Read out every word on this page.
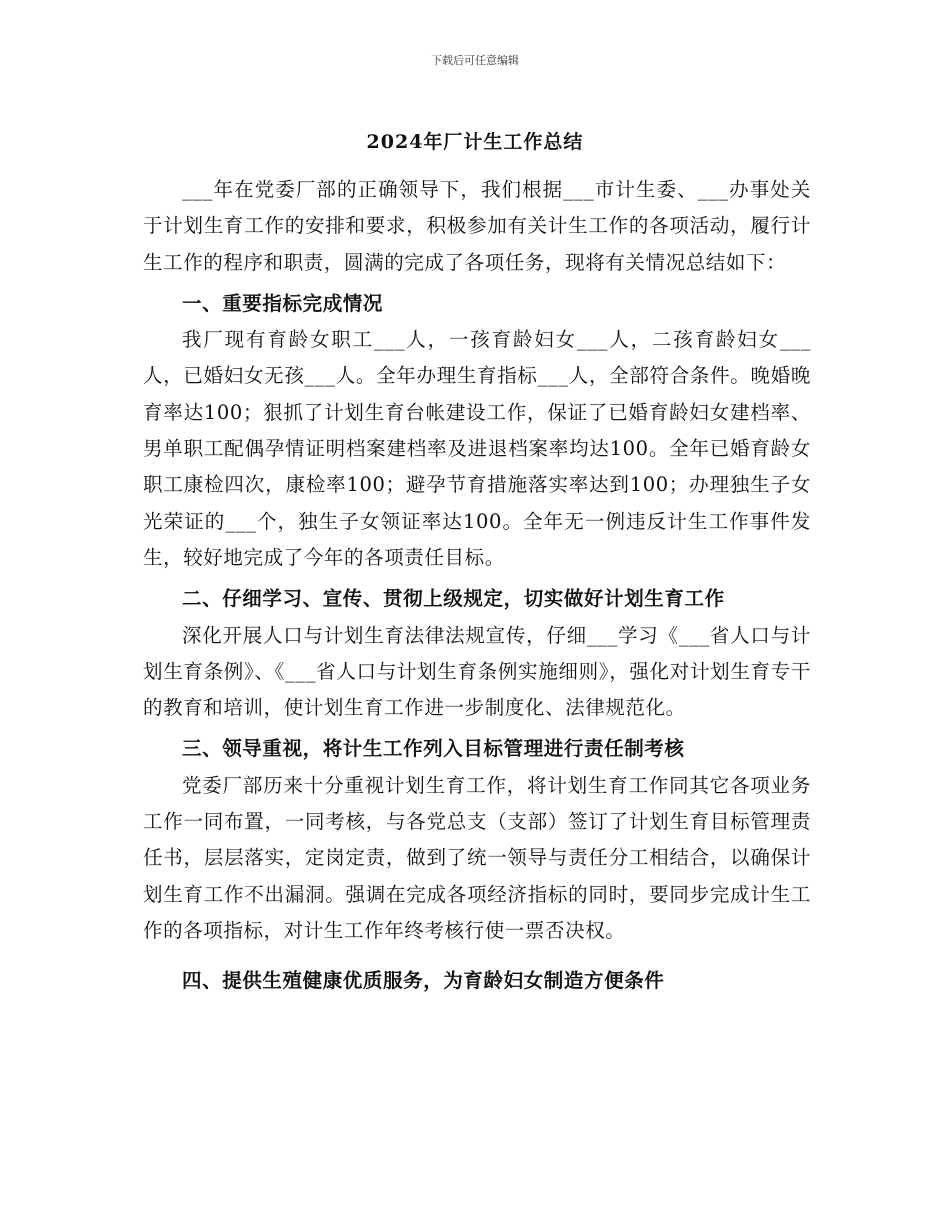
下载后可任意编辑
2024年厂计生工作总结

___年在党委厂部的正确领导下，我们根据___市计生委、___办事处关于计划生育工作的安排和要求，积极参加有关计生工作的各项活动，履行计生工作的程序和职责，圆满的完成了各项任务，现将有关情况总结如下：

一、重要指标完成情况

我厂现有育龄女职工___人，一孩育龄妇女___人，二孩育龄妇女___人，已婚妇女无孩___人。全年办理生育指标___人，全部符合条件。晚婚晚育率达100；狠抓了计划生育台帐建设工作，保证了已婚育龄妇女建档率、男单职工配偶孕情证明档案建档率及进退档案率均达100。全年已婚育龄女职工康检四次，康检率100；避孕节育措施落实率达到100；办理独生子女光荣证的___个，独生子女领证率达100。全年无一例违反计生工作事件发生，较好地完成了今年的各项责任目标。

二、仔细学习、宣传、贯彻上级规定，切实做好计划生育工作

深化开展人口与计划生育法律法规宣传，仔细___学习《___省人口与计划生育条例》、《___省人口与计划生育条例实施细则》，强化对计划生育专干的教育和培训，使计划生育工作进一步制度化、法律规范化。

三、领导重视，将计生工作列入目标管理进行责任制考核

党委厂部历来十分重视计划生育工作，将计划生育工作同其它各项业务工作一同布置，一同考核，与各党总支（支部）签订了计划生育目标管理责任书，层层落实，定岗定责，做到了统一领导与责任分工相结合，以确保计划生育工作不出漏洞。强调在完成各项经济指标的同时，要同步完成计生工作的各项指标，对计生工作年终考核行使一票否决权。

四、提供生殖健康优质服务，为育龄妇女制造方便条件
